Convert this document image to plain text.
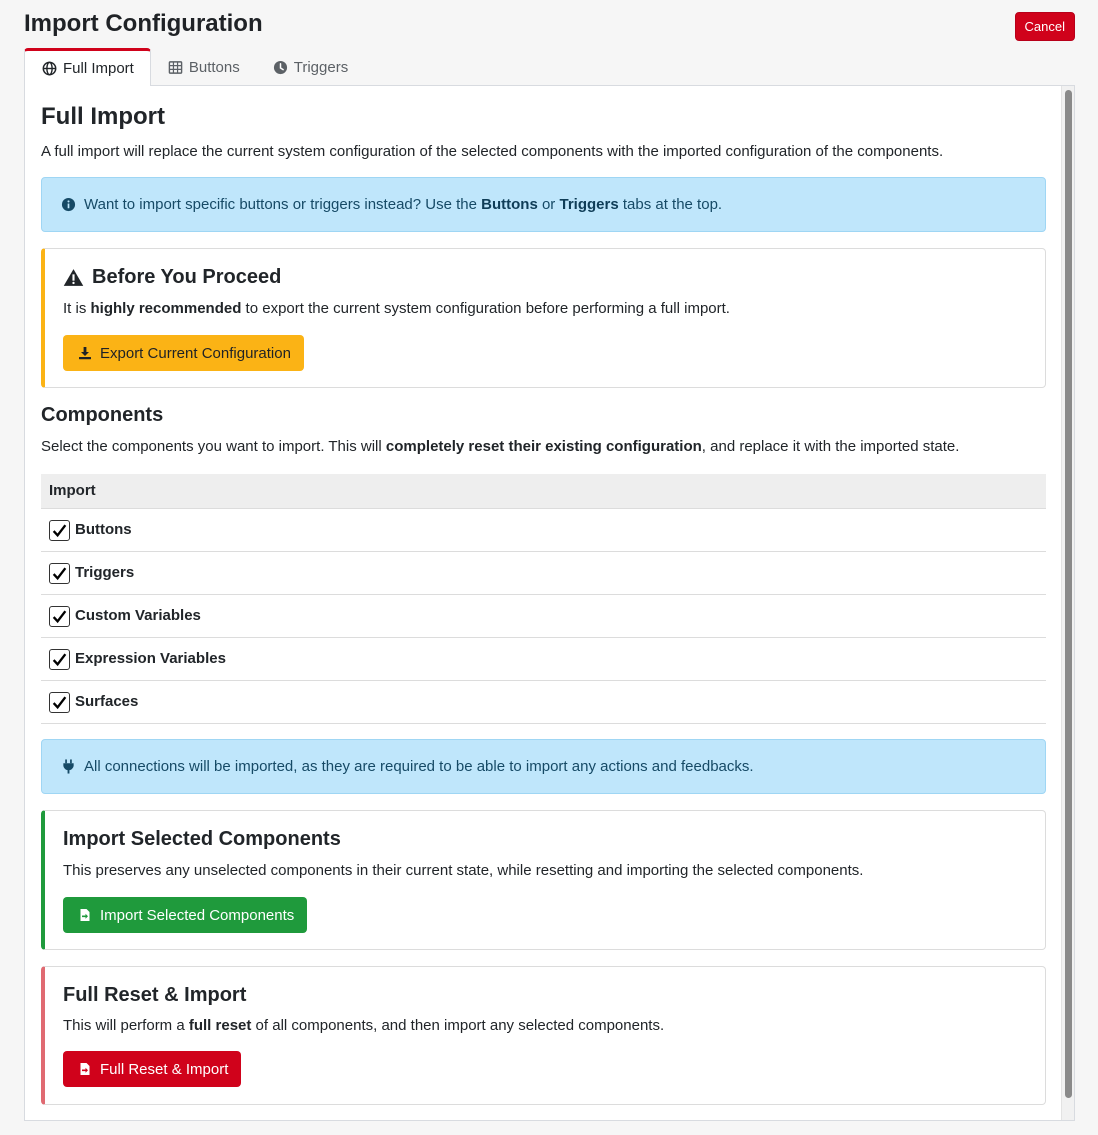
Import Configuration	Cancel
Full Import	Buttons	Triggers
Full Import
A full import will replace the current system configuration of the selected components with the imported configuration of the components.
Want to import specific buttons or triggers instead? Use the Buttons or Triggers tabs at the top.
Before You Proceed

It is highly recommended to export the current system configuration before performing a full import.

Export Current Configuration
Components
Select the components you want to import. This will completely reset their existing configuration, and replace it with the imported state.
Import

Buttons

Triggers

Custom Variables

Expression Variables

Surfaces
All connections will be imported, as they are required to be able to import any actions and feedbacks.
Import Selected Components

This preserves any unselected components in their current state, while resetting and importing the selected components.

Import Selected Components
Full Reset & Import

This will perform a full reset of all components, and then import any selected components.

Full Reset & Import
